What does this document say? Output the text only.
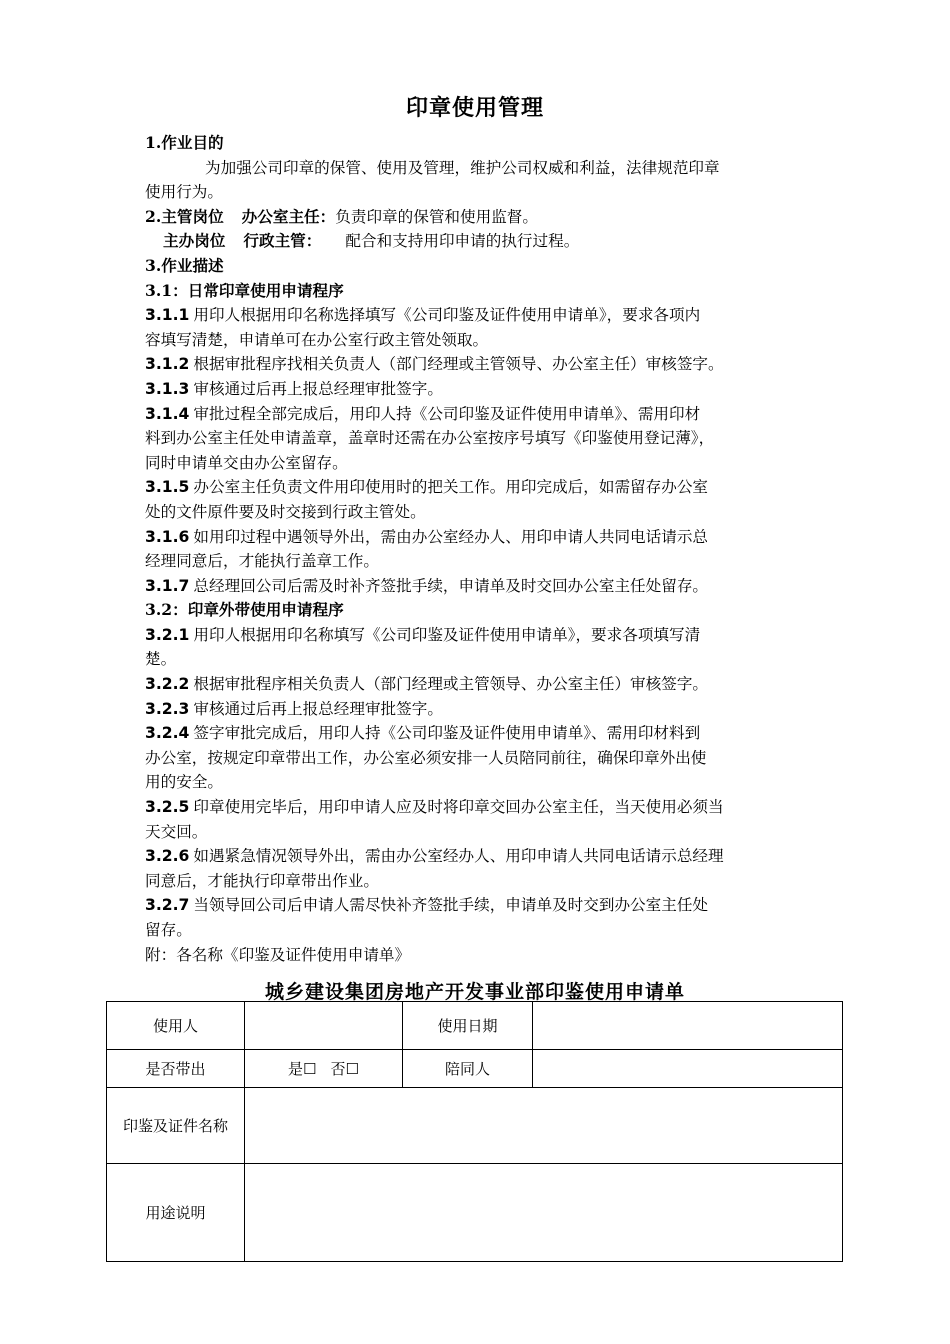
印章使用管理
1.作业目的
为加强公司印章的保管、使用及管理，维护公司权威和利益，法律规范印章
使用行为。
2.主管岗位 办公室主任：负责印章的保管和使用监督。
主办岗位 行政主管： 配合和支持用印申请的执行过程。
3.作业描述
3.1：日常印章使用申请程序
3.1.1 用印人根据用印名称选择填写《公司印鉴及证件使用申请单》，要求各项内
容填写清楚，申请单可在办公室行政主管处领取。
3.1.2 根据审批程序找相关负责人（部门经理或主管领导、办公室主任）审核签字。
3.1.3 审核通过后再上报总经理审批签字。
3.1.4 审批过程全部完成后，用印人持《公司印鉴及证件使用申请单》、需用印材
料到办公室主任处申请盖章，盖章时还需在办公室按序号填写《印鉴使用登记薄》，
同时申请单交由办公室留存。
3.1.5 办公室主任负责文件用印使用时的把关工作。用印完成后，如需留存办公室
处的文件原件要及时交接到行政主管处。
3.1.6 如用印过程中遇领导外出，需由办公室经办人、用印申请人共同电话请示总
经理同意后，才能执行盖章工作。
3.1.7 总经理回公司后需及时补齐签批手续，申请单及时交回办公室主任处留存。
3.2：印章外带使用申请程序
3.2.1 用印人根据用印名称填写《公司印鉴及证件使用申请单》，要求各项填写清
楚。
3.2.2 根据审批程序相关负责人（部门经理或主管领导、办公室主任）审核签字。
3.2.3 审核通过后再上报总经理审批签字。
3.2.4 签字审批完成后，用印人持《公司印鉴及证件使用申请单》、需用印材料到
办公室，按规定印章带出工作，办公室必须安排一人员陪同前往，确保印章外出使
用的安全。
3.2.5 印章使用完毕后，用印申请人应及时将印章交回办公室主任，当天使用必须当
天交回。
3.2.6 如遇紧急情况领导外出，需由办公室经办人、用印申请人共同电话请示总经理
同意后，才能执行印章带出作业。
3.2.7 当领导回公司后申请人需尽快补齐签批手续，申请单及时交到办公室主任处
留存。
附：各名称《印鉴及证件使用申请单》
城乡建设集团房地产开发事业部印鉴使用申请单
使用人		使用日期	
是否带出	是☐ 否☐	陪同人	
印鉴及证件名称			
用途说明			
